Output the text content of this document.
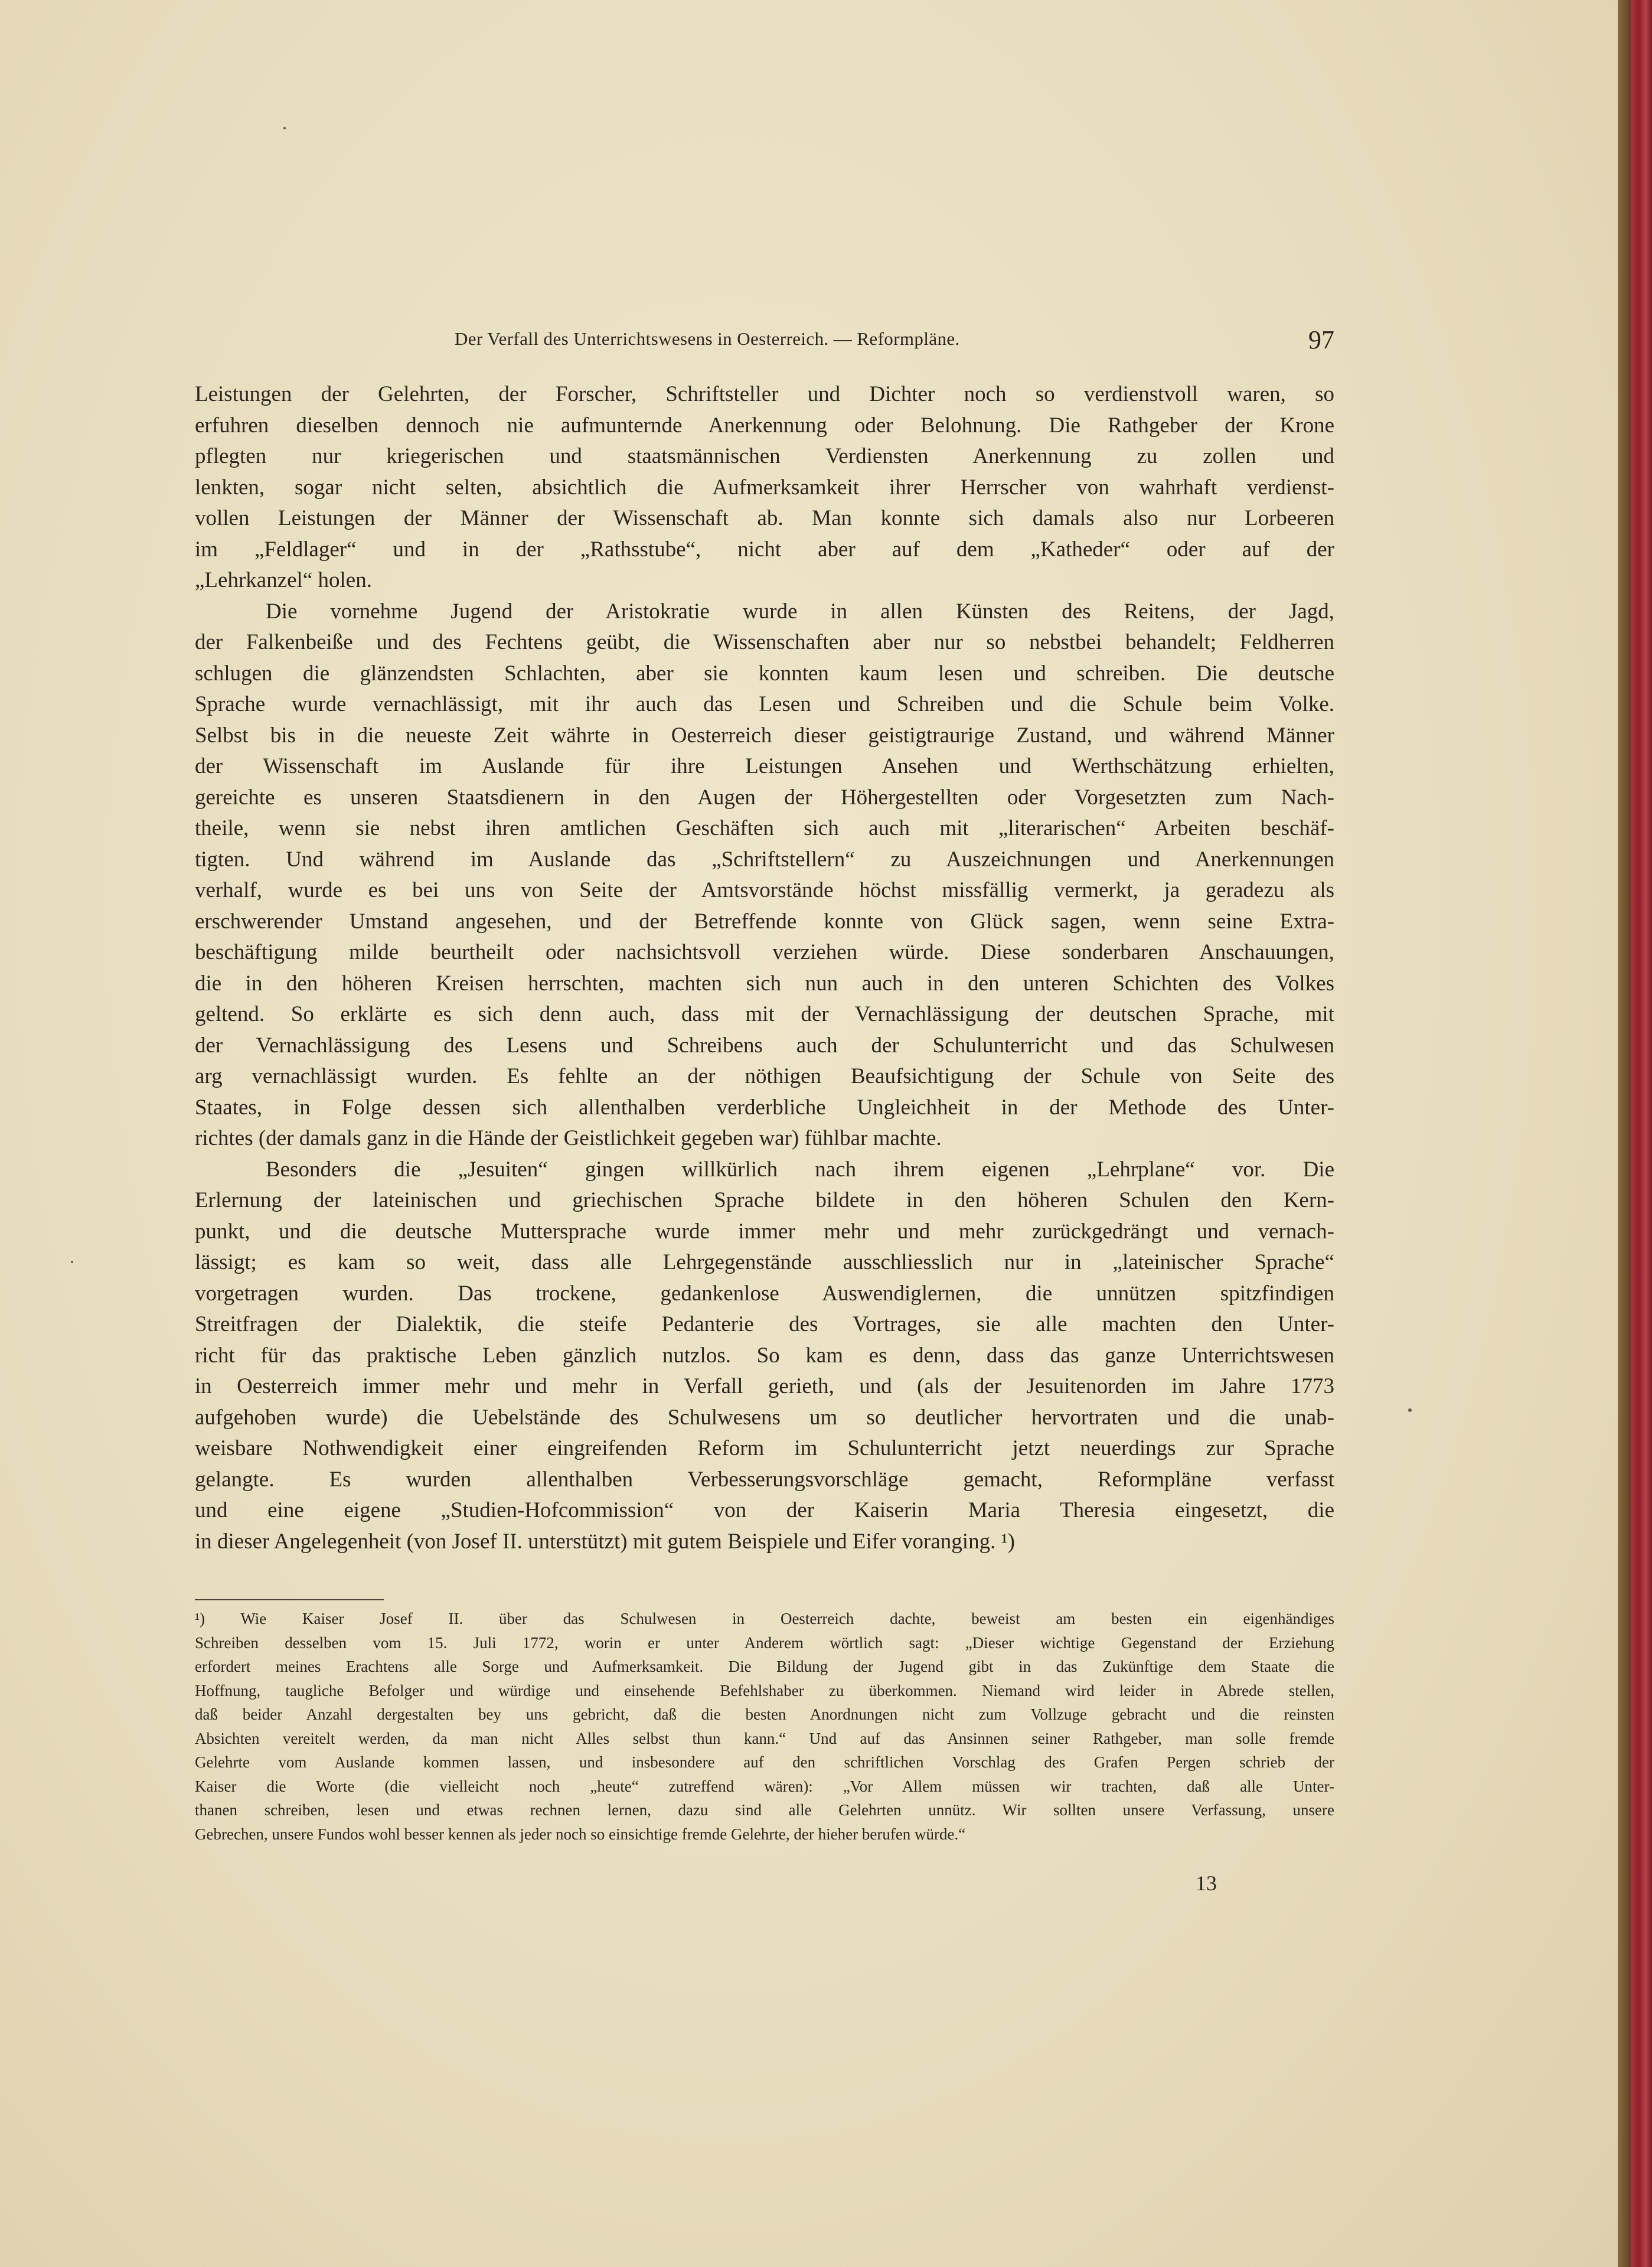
Der Verfall des Unterrichtswesens in Oesterreich. — Reformpläne.	97
Leistungen der Gelehrten, der Forscher, Schriftsteller und Dichter noch so verdienstvoll waren, so
erfuhren dieselben dennoch nie aufmunternde Anerkennung oder Belohnung. Die Rathgeber der Krone
pflegten nur kriegerischen und staatsmännischen Verdiensten Anerkennung zu zollen und
lenkten, sogar nicht selten, absichtlich die Aufmerksamkeit ihrer Herrscher von wahrhaft verdienst-
vollen Leistungen der Männer der Wissenschaft ab. Man konnte sich damals also nur Lorbeeren
im „Feldlager“ und in der „Rathsstube“, nicht aber auf dem „Katheder“ oder auf der
„Lehrkanzel“ holen.
Die vornehme Jugend der Aristokratie wurde in allen Künsten des Reitens, der Jagd,
der Falkenbeiße und des Fechtens geübt, die Wissenschaften aber nur so nebstbei behandelt; Feldherren
schlugen die glänzendsten Schlachten, aber sie konnten kaum lesen und schreiben. Die deutsche
Sprache wurde vernachlässigt, mit ihr auch das Lesen und Schreiben und die Schule beim Volke.
Selbst bis in die neueste Zeit währte in Oesterreich dieser geistigtraurige Zustand, und während Männer
der Wissenschaft im Auslande für ihre Leistungen Ansehen und Werthschätzung erhielten,
gereichte es unseren Staatsdienern in den Augen der Höhergestellten oder Vorgesetzten zum Nach-
theile, wenn sie nebst ihren amtlichen Geschäften sich auch mit „literarischen“ Arbeiten beschäf-
tigten. Und während im Auslande das „Schriftstellern“ zu Auszeichnungen und Anerkennungen
verhalf, wurde es bei uns von Seite der Amtsvorstände höchst missfällig vermerkt, ja geradezu als
erschwerender Umstand angesehen, und der Betreffende konnte von Glück sagen, wenn seine Extra-
beschäftigung milde beurtheilt oder nachsichtsvoll verziehen würde. Diese sonderbaren Anschauungen,
die in den höheren Kreisen herrschten, machten sich nun auch in den unteren Schichten des Volkes
geltend. So erklärte es sich denn auch, dass mit der Vernachlässigung der deutschen Sprache, mit
der Vernachlässigung des Lesens und Schreibens auch der Schulunterricht und das Schulwesen
arg vernachlässigt wurden. Es fehlte an der nöthigen Beaufsichtigung der Schule von Seite des
Staates, in Folge dessen sich allenthalben verderbliche Ungleichheit in der Methode des Unter-
richtes (der damals ganz in die Hände der Geistlichkeit gegeben war) fühlbar machte.
Besonders die „Jesuiten“ gingen willkürlich nach ihrem eigenen „Lehrplane“ vor. Die
Erlernung der lateinischen und griechischen Sprache bildete in den höheren Schulen den Kern-
punkt, und die deutsche Muttersprache wurde immer mehr und mehr zurückgedrängt und vernach-
lässigt; es kam so weit, dass alle Lehrgegenstände ausschliesslich nur in „lateinischer Sprache“
vorgetragen wurden. Das trockene, gedankenlose Auswendiglernen, die unnützen spitzfindigen
Streitfragen der Dialektik, die steife Pedanterie des Vortrages, sie alle machten den Unter-
richt für das praktische Leben gänzlich nutzlos. So kam es denn, dass das ganze Unterrichtswesen
in Oesterreich immer mehr und mehr in Verfall gerieth, und (als der Jesuitenorden im Jahre 1773
aufgehoben wurde) die Uebelstände des Schulwesens um so deutlicher hervortraten und die unab-
weisbare Nothwendigkeit einer eingreifenden Reform im Schulunterricht jetzt neuerdings zur Sprache
gelangte. Es wurden allenthalben Verbesserungsvorschläge gemacht, Reformpläne verfasst
und eine eigene „Studien-Hofcommission“ von der Kaiserin Maria Theresia eingesetzt, die
in dieser Angelegenheit (von Josef II. unterstützt) mit gutem Beispiele und Eifer voranging. ¹)
¹) Wie Kaiser Josef II. über das Schulwesen in Oesterreich dachte, beweist am besten ein eigenhändiges
Schreiben desselben vom 15. Juli 1772, worin er unter Anderem wörtlich sagt: „Dieser wichtige Gegenstand der Erziehung
erfordert meines Erachtens alle Sorge und Aufmerksamkeit. Die Bildung der Jugend gibt in das Zukünftige dem Staate die
Hoffnung, taugliche Befolger und würdige und einsehende Befehlshaber zu überkommen. Niemand wird leider in Abrede stellen,
daß beider Anzahl dergestalten bey uns gebricht, daß die besten Anordnungen nicht zum Vollzuge gebracht und die reinsten
Absichten vereitelt werden, da man nicht Alles selbst thun kann.“ Und auf das Ansinnen seiner Rathgeber, man solle fremde
Gelehrte vom Auslande kommen lassen, und insbesondere auf den schriftlichen Vorschlag des Grafen Pergen schrieb der
Kaiser die Worte (die vielleicht noch „heute“ zutreffend wären): „Vor Allem müssen wir trachten, daß alle Unter-
thanen schreiben, lesen und etwas rechnen lernen, dazu sind alle Gelehrten unnütz. Wir sollten unsere Verfassung, unsere
Gebrechen, unsere Fundos wohl besser kennen als jeder noch so einsichtige fremde Gelehrte, der hieher berufen würde.“
13
